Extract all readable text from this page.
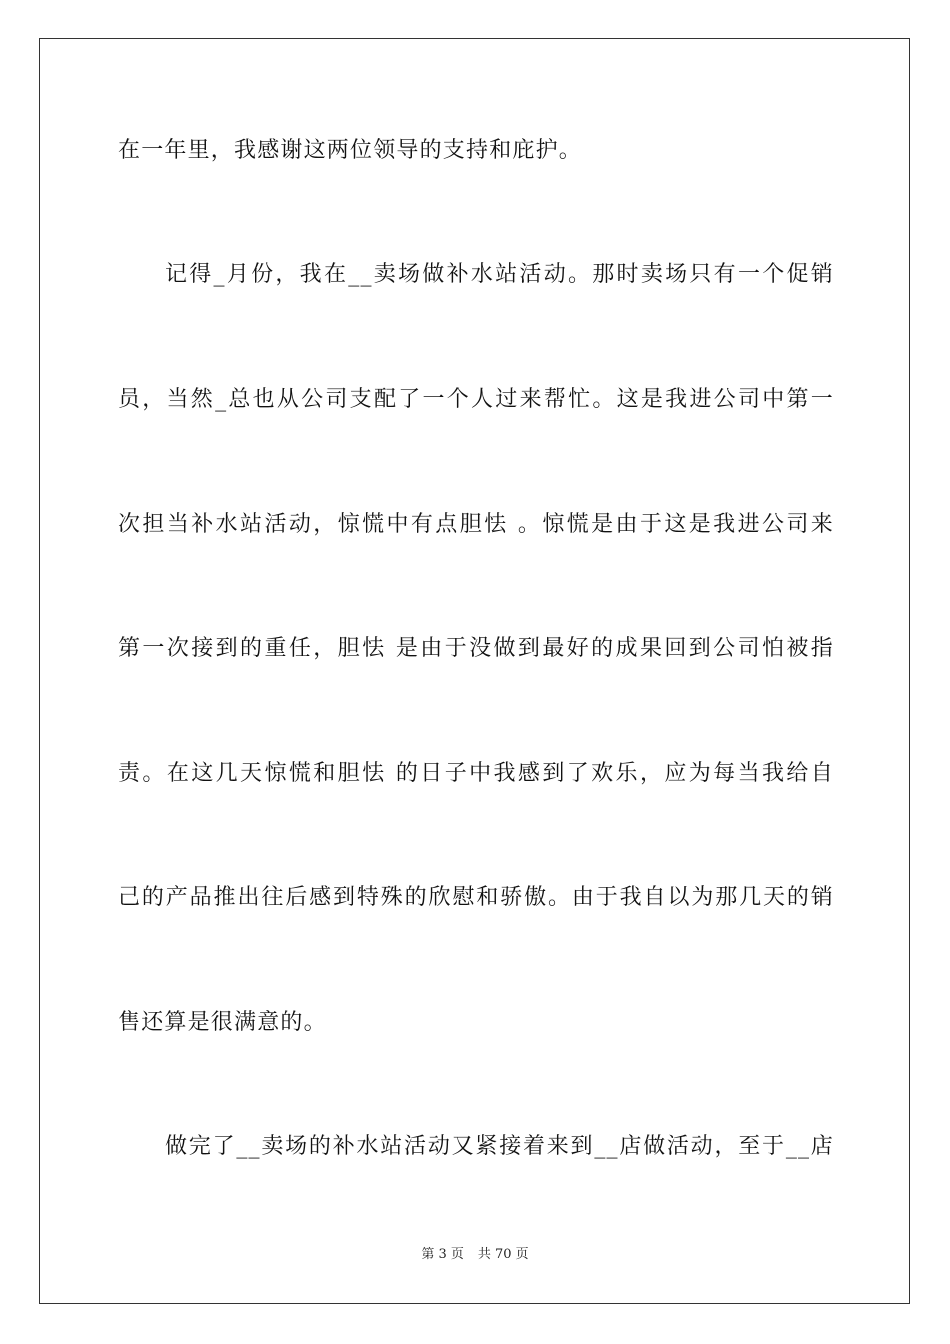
在一年里，我感谢这两位领导的支持和庇护。
记得_月份，我在__卖场做补水站活动。那时卖场只有一个促销
员，当然_总也从公司支配了一个人过来帮忙。这是我进公司中第一
次担当补水站活动，惊慌中有点胆怯 。惊慌是由于这是我进公司来
第一次接到的重任，胆怯 是由于没做到最好的成果回到公司怕被指
责。在这几天惊慌和胆怯 的日子中我感到了欢乐，应为每当我给自
己的产品推出往后感到特殊的欣慰和骄傲。由于我自以为那几天的销
售还算是很满意的。
做完了__卖场的补水站活动又紧接着来到__店做活动，至于__店
第 3 页 共 70 页
